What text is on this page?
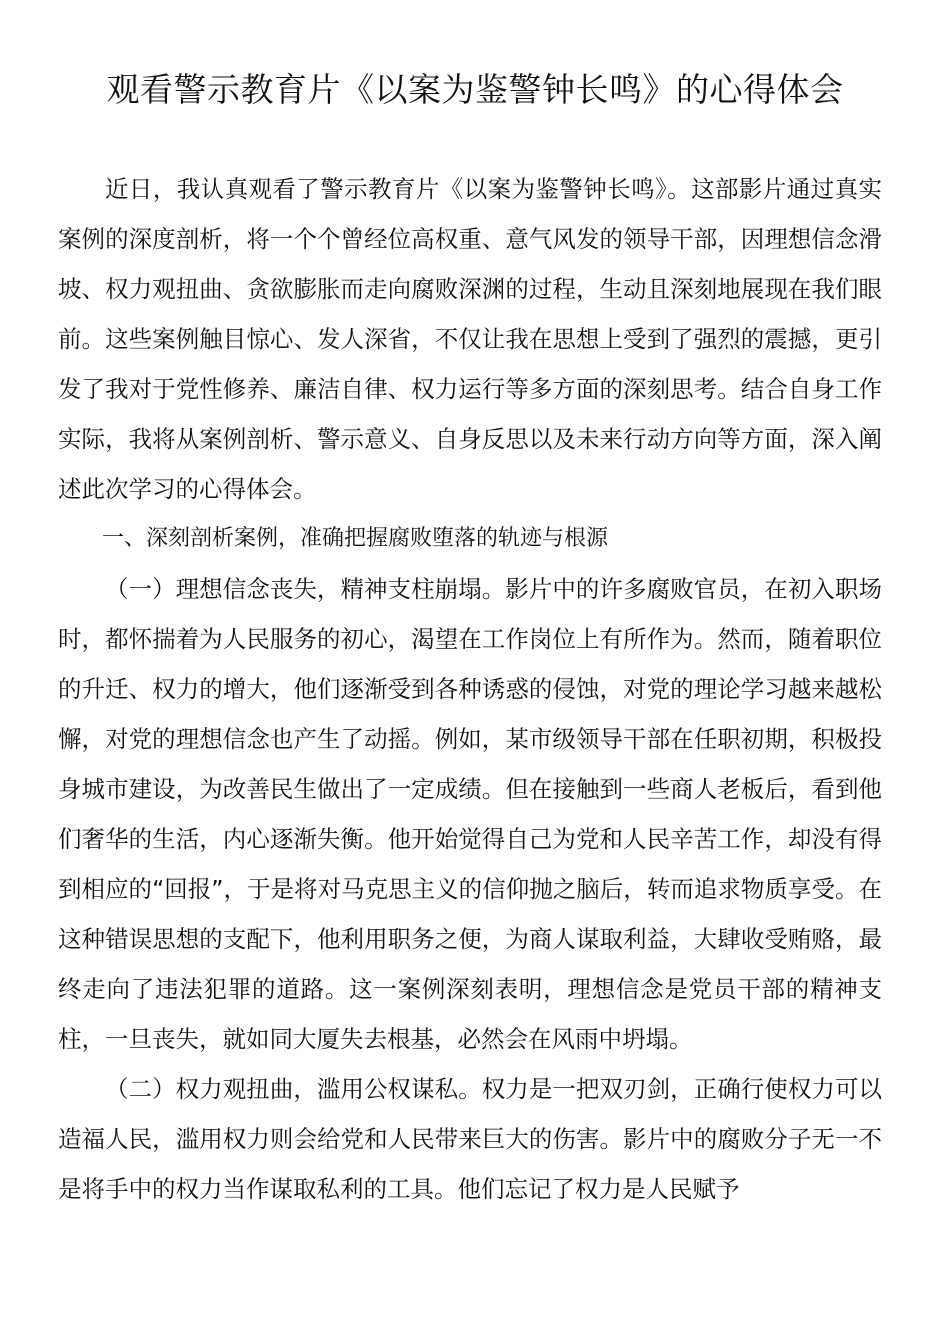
观看警示教育片《以案为鉴警钟长鸣》的心得体会

近日，我认真观看了警示教育片《以案为鉴警钟长鸣》。这部影片通过真实案例的深度剖析，将一个个曾经位高权重、意气风发的领导干部，因理想信念滑坡、权力观扭曲、贪欲膨胀而走向腐败深渊的过程，生动且深刻地展现在我们眼前。这些案例触目惊心、发人深省，不仅让我在思想上受到了强烈的震撼，更引发了我对于党性修养、廉洁自律、权力运行等多方面的深刻思考。结合自身工作实际，我将从案例剖析、警示意义、自身反思以及未来行动方向等方面，深入阐述此次学习的心得体会。

一、深刻剖析案例，准确把握腐败堕落的轨迹与根源

（一）理想信念丧失，精神支柱崩塌。影片中的许多腐败官员，在初入职场时，都怀揣着为人民服务的初心，渴望在工作岗位上有所作为。然而，随着职位的升迁、权力的增大，他们逐渐受到各种诱惑的侵蚀，对党的理论学习越来越松懈，对党的理想信念也产生了动摇。例如，某市级领导干部在任职初期，积极投身城市建设，为改善民生做出了一定成绩。但在接触到一些商人老板后，看到他们奢华的生活，内心逐渐失衡。他开始觉得自己为党和人民辛苦工作，却没有得到相应的“回报”，于是将对马克思主义的信仰抛之脑后，转而追求物质享受。在这种错误思想的支配下，他利用职务之便，为商人谋取利益，大肆收受贿赂，最终走向了违法犯罪的道路。这一案例深刻表明，理想信念是党员干部的精神支柱，一旦丧失，就如同大厦失去根基，必然会在风雨中坍塌。

（二）权力观扭曲，滥用公权谋私。权力是一把双刃剑，正确行使权力可以造福人民，滥用权力则会给党和人民带来巨大的伤害。影片中的腐败分子无一不是将手中的权力当作谋取私利的工具。他们忘记了权力是人民赋予
